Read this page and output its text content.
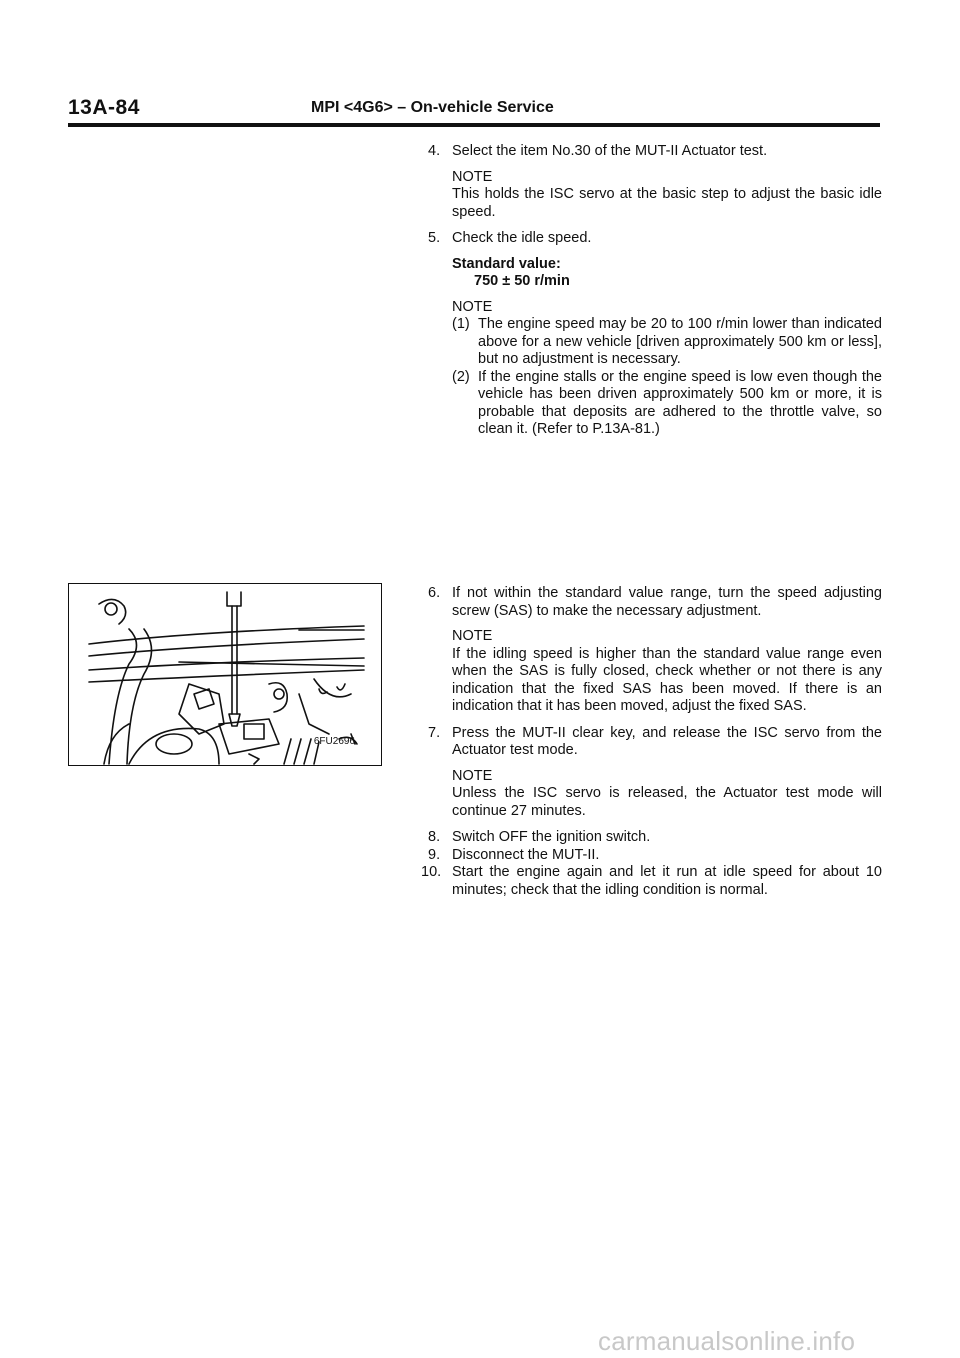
13A-84	MPI <4G6> – On-vehicle Service
4. Select the item No.30 of the MUT-II Actuator test.
NOTE
This holds the ISC servo at the basic step to adjust the basic idle speed.
5. Check the idle speed.
Standard value:
750 ± 50 r/min
NOTE
(1) The engine speed may be 20 to 100 r/min lower than indicated above for a new vehicle [driven approximately 500 km or less], but no adjustment is necessary.
(2) If the engine stalls or the engine speed is low even though the vehicle has been driven approximately 500 km or more, it is probable that deposits are adhered to the throttle valve, so clean it. (Refer to P.13A-81.)
6FU2696
6. If not within the standard value range, turn the speed adjusting screw (SAS) to make the necessary adjustment.
NOTE
If the idling speed is higher than the standard value range even when the SAS is fully closed, check whether or not there is any indication that the fixed SAS has been moved. If there is an indication that it has been moved, adjust the fixed SAS.
7. Press the MUT-II clear key, and release the ISC servo from the Actuator test mode.
NOTE
Unless the ISC servo is released, the Actuator test mode will continue 27 minutes.
8. Switch OFF the ignition switch.
9. Disconnect the MUT-II.
10. Start the engine again and let it run at idle speed for about 10 minutes; check that the idling condition is normal.
carmanualsonline.info
